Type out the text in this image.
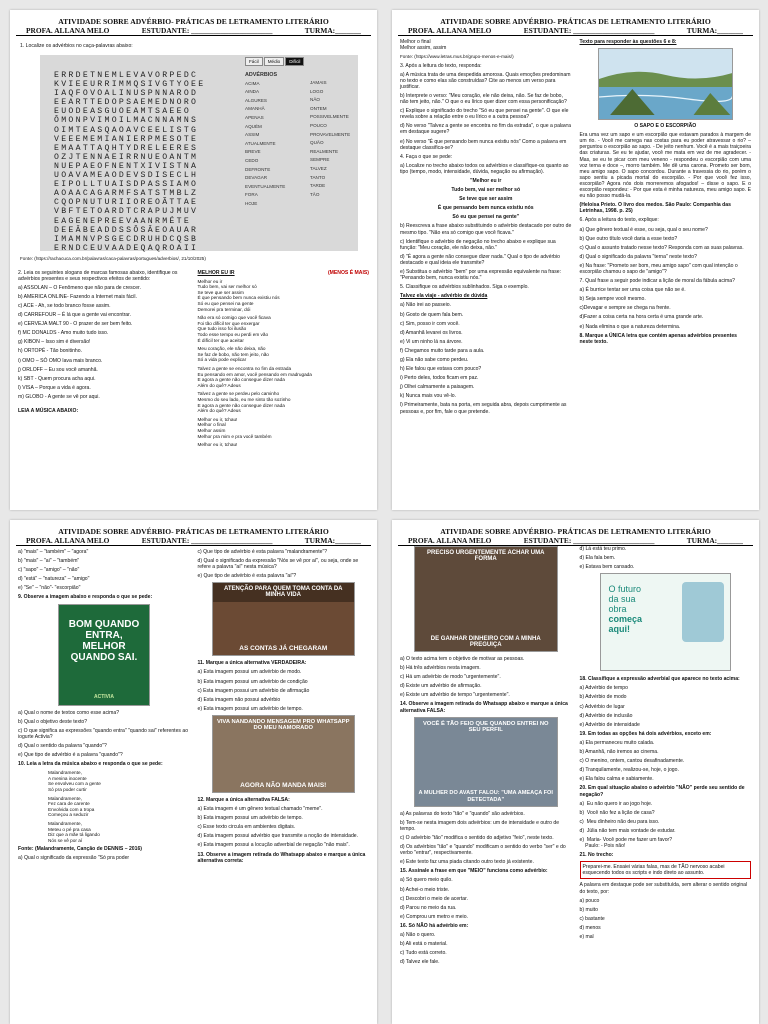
ATIVIDADE SOBRE ADVÉRBIO- PRÁTICAS DE LETRAMENTO LITERÁRIO
PROFA. ALLANA MELO	ESTUDANTE: ______________________	TURMA:_______

1. Localize os advérbios no caça-palavras abaixo:

Fácil	Médio	Difícil
ERRDETNEMLEVAVORPEDC
KVIEEURRIMMQSIVGTYOEE
IAQFOVOALINUSPNNAROD
EEARTTEDOPSAEMEDNORO
EUODEASGUOEAMTSAEEO
ÔMONPVIMOILMACNNAMNS
OIMTEASQAOAVCEELISTG
VEEEMEMIANIERPMESOTE
EMAATTAQHTYDRELEERES
OZJTENNAEIRRNUEOANTM
NUEPAEOFNENTXIVISTNA
UOAVAMEAODEVSDISECLH
EIPOLLTUAISDPASSIAMO
AOAACAGARMFSATSTMBLZ
CQOPNUTURIIOREOÃTTAE
VBFTETOARDTCRAPUJMUV
EAGENEPREEVAANRMÉTE
DEEÂBEADDSSÔSÂEOAUAR
IMAMNVPSGECDRUHDCQSB
ERNDCEUVAADEQAQROAII
ADVÉRBIOS

ACIMA

AINDA

ALGURES

AMANHÃ

APENAS

AQUÉM

ASSIM

ATUALMENTE

BREVE

CEDO

DEFRONTE

DEVAGAR

EVENTUALMENTE

FORA

HOJE

JAMAIS

LOGO

NÃO

ONTEM

POSSIVELMENTE

POUCO

PROVAVELMENTE

QUÃO

REALMENTE

SEMPRE

TALVEZ

TANTO

TARDE

TÃO

Fonte: (https://rachacuca.com.br/palavras/caca-palavras/portugues/adverbios/, 21/10/2025)

2. Leia os seguintes slogans de marcas famosas abaixo, identifique os advérbios presentes e seus respectivos efeitos de sentido:

a) ASSOLAN – O Fenômeno que não para de crescer.

b) AMERICA ONLINE- Fazendo a Internet mais fácil.

c) ACE - Ah, se todo branco fosse assim.

d) CARREFOUR – É lá que a gente vai encontrar.

e) CERVEJA MALT 90 - O prazer de ser bem feito.

f) MC DONALDS - Amo muito tudo isso.

g) KIBON – Isso sim é diversão!

h) ORTOPÉ - Tão bonitinho.

i) OMO – SÓ OMO lava mais branco.

j) ORLOFF – Eu sou você amanhã.

k) SBT - Quem procura acha aqui.

l) VISA – Porque a vida é agora.

m) GLOBO - A gente se vê por aqui.

LEIA A MÚSICA ABAIXO:

MELHOR EU IR	(MENOS É MAIS)

Melhor eu ir
Tudo bem, vai ser melhor só
Se teve que ser assim
É que pensando bem nunca existiu nós
Só eu que pensei na gente
Demorei pra terminar, dói

Não era só comigo que você ficava
Foi tão difícil ter que enxergar
Que tudo isso foi ilusão
Todo esse tempo eu perdi em vão
É difícil ter que aceitar

Meu coração, ele não deixa, não
Se faz de bobo, não tem jeito, não
Só a vida pode explicar

Talvez a gente se encontra no fim da estrada
Eu pensando em amor, você pensando em madrugada
E agora a gente não consegue dizer nada
Além do quê? Adeus

Talvez a gente se perdeu pelo caminho
Mesmo do seu lado, eu me sinto tão sozinho
E agora a gente não consegue dizer nada
Além do quê? Adeus

Melhor eu ir, tchau!
Melhor o final
Melhor assim
Melhor pra mim e pra você também

Melhor eu ir, tchau!

ATIVIDADE SOBRE ADVÉRBIO- PRÁTICAS DE LETRAMENTO LITERÁRIO
PROFA. ALLANA MELO	ESTUDANTE: ______________________	TURMA:_______

Melhor o final

Melhor assim, assim

Fonte: (https://www.letras.mus.br/grupo-menos-e-mais/)

3. Após a leitura do texto, responda:

a) A música trata de uma despedida amorosa. Quais emoções predominam no texto e como elas são construídas? Cite ao menos um verso para justificar.

b) Interprete o verso: "Meu coração, ele não deixa, não. Se faz de bobo, não tem jeito, não." O que o eu lírico quer dizer com essa personificação?

c) Explique o significado do trecho "Só eu que pensei na gente". O que ele revela sobre a relação entre o eu lírico e a outra pessoa?

d) No verso "Talvez a gente se encontra no fim da estrada", o que a palavra em destaque sugere?

e) No verso "É que pensando bem nunca existiu nós" Como a palavra em destaque classifica-se?

4. Faça o que se pede:

a) Localize no trecho abaixo todos os advérbios e classifique-os quanto ao tipo (tempo, modo, intensidade, dúvida, negação ou afirmação).

"Melhor eu ir

Tudo bem, vai ser melhor só

Se teve que ser assim

É que pensando bem nunca existiu nós

Só eu que pensei na gente"

b) Reescreva a frase abaixo substituindo o advérbio destacado por outro de mesmo tipo. "Não era só comigo que você ficava."

c) Identifique o advérbio de negação no trecho abaixo e explique sua função: "Meu coração, ele não deixa, não."

d) "É agora a gente não consegue dizer nada." Qual o tipo de advérbio destacado e qual ideia ele transmite?

e) Substitua o advérbio "bem" por uma expressão equivalente na frase: "Pensando bem, nunca existiu nós."

5. Classifique os advérbios sublinhados. Siga o exemplo.

Talvez ela viaje - advérbio de dúvida

a) Não irei ao passeio.

b) Gosto de quem fala bem.

c) Sim, posso ir com você.

d) Amanhã levarei os livros.

e) Vi um ninho lá na árvore.

f) Chegamos muito tarde para a aula.

g) Ela não sabe como perdeu.

h) Ele falou que estava com pouco?

i) Perto deles, todos ficam em paz.

j) Olhei calmamente a paisagem.

k) Nunca mais vou vê-lo.

l) Primeiramente, bata na porta, em seguida abra, depois cumprimente as pessoas e, por fim, fale o que pretende.

Texto para responder às questões 6 e 8:

O SAPO E O ESCORPIÃO

Era uma vez um sapo e um escorpião que estavam parados à margem de um rio. - Você me carrega nas costas para eu poder atravessar o rio? – perguntou o escorpião ao sapo. - De jeito nenhum. Você é a mais traiçoeira das criaturas. Se eu te ajudar, você me mata em vez de me agradecer. - Mas, se eu te picar com meu veneno - respondeu o escorpião com uma voz terna e doce –, morro também. Me dê uma carona. Prometo ser bom, meu amigo sapo. O sapo concordou. Durante a travessia do rio, porém o sapo sentiu a picada mortal do escorpião. - Por que você fez isso, escorpião? Agora nós dois morreremos afogados! – disse o sapo. E o escorpião respondeu: - Por que esta é minha natureza, meu amigo sapo. E eu não posso mudá-la.

(Heloisa Prieto. O livro dos medos. São Paulo: Companhia das Letrinhas, 1998. p. 25)

6. Após a leitura do texto, explique:

a) Que gênero textual é esse, ou seja, qual o seu nome?

b) Que outro título você daria a esse texto?

c) Qual o assunto tratado nesse texto? Responda com as suas palavras.

d) Qual o significado da palavra "terna" neste texto?

e) Na frase: "Prometo ser bom, meu amigo sapo" com qual intenção o escorpião chamou o sapo de "amigo"?

7. Qual frase a seguir pode indicar a lição de moral da fábula acima?

a) É burrice tentar ser uma coisa que não se é.

b) Seja sempre você mesmo.

c)Devagar e sempre se chega na frente.

d)Fazer a coisa certa na hora certa é uma grande arte.

e) Nada elimina o que a natureza determina.

8. Marque a ÚNICA letra que contém apenas advérbios presentes neste texto.

ATIVIDADE SOBRE ADVÉRBIO- PRÁTICAS DE LETRAMENTO LITERÁRIO
PROFA. ALLANA MELO	ESTUDANTE: ______________________	TURMA:_______

a) "mais" – "também" – "agora"

b) "mais" – "ai" – "também"

c) "sapo" – "amigo" – "não"

d) "está" – "natureza" – "amigo"

e) "Se" – "não"- "escorpião"

9. Observe a imagem abaixo e responda o que se pede:

BOM QUANDO ENTRA, MELHOR QUANDO SAI.
ACTIVIA

a) Qual o nome de textos como esse acima?

b) Qual o objetivo deste texto?

c) O que significa as expressões "quando entra" "quando sai" referentes ao iogurte Activia?

d) Qual o sentido da palavra "quando"?

e) Que tipo de advérbio é a palavra "quando"?

10. Leia a letra da música abaixo e responda o que se pede:

Malandramente,
A menina inocente
Se envolveu com a gente
Só pra poder curtir

Malandramente,
Fez cara de carente
Envolvida com a tropa
Começou a seduzir

Malandramente,
Meteu o pé pra casa
Diz que a mãe tá ligando
Nós se vê por aí

Fonte: (Malandramente, Canção de DENNIS – 2016)

a) Qual o significado da expressão "Só pra poder

c) Que tipo de advérbio é esta palavra "malandramente"?

d) Qual o significado da expressão "Nós se vê por aí", ou seja, onde se refere a palavra "aí" nesta música?

e) Que tipo de advérbio é esta palavra "aí"?

ATENÇÃO PARA QUEM TOMA CONTA DA MINHA VIDA
AS CONTAS JÁ CHEGARAM

11. Marque a única alternativa VERDADEIRA:

a) Esta imagem possui um advérbio de modo.

b) Esta imagem possui um advérbio de condição

c) Esta imagem possui um advérbio de afirmação

d) Esta imagem não possui advérbio

e) Esta imagem possui um advérbio de tempo.

VIVA NANDANDO MENSAGEM PRO WHATSAPP DO MEU NAMORADO
AGORA NÃO MANDA MAIS!

12. Marque a única alternativa FALSA:

a) Esta imagem é um gênero textual chamado "meme".

b) Esta imagem possui um advérbio de tempo.

c) Esse texto circula em ambientes digitais.

d) Esta imagem possui advérbio que transmite a noção de intensidade.

e) Esta imagem possui a locução adverbial de negação "não mais".

13. Observe a imagem retirada do Whatsapp abaixo e marque a única alternativa correta:

ATIVIDADE SOBRE ADVÉRBIO- PRÁTICAS DE LETRAMENTO LITERÁRIO
PROFA. ALLANA MELO	ESTUDANTE: ______________________	TURMA:_______
PRECISO URGENTEMENTE ACHAR UMA FORMA
DE GANHAR DINHEIRO COM A MINHA PREGUIÇA

a) O texto acima tem o objetivo de motivar as pessoas.

b) Há três advérbios nesta imagem.

c) Há um advérbio de modo "urgentemente".

d) Existe um advérbio de afirmação.

e) Existe um advérbio de tempo "urgentemente".

14. Observe a imagem retirada do Whatsapp abaixo e marque a única alternativa FALSA:

VOCÊ É TÃO FEIO QUE QUANDO ENTREI NO SEU PERFIL
A MULHER DO AVAST FALOU: "UMA AMEAÇA FOI DETECTADA"

a) As palavras do texto "tão" e "quando" são advérbios.

b) Tem-se nesta imagem dois advérbios: um de intensidade e outro de tempo.

c) O advérbio "tão" modifica o sentido do adjetivo "feio", neste texto.

d) Os advérbios "tão" e "quando" modificam o sentido do verbo "ser" e do verbo "entrar", respectivamente.

e) Este texto faz uma piada citando outro texto já existente.

15. Assinale a frase em que "MEIO" funciona como advérbio:

a) Só quero meio quilo.

b) Achei-o meio triste.

c) Descobri o meio de acertar.

d) Parou no meio da rua.

e) Comprou um metro e meio.

16. Só NÃO há advérbio em:

a) Não o quero.

b) Ali está o material.

c) Tudo está correto.

d) Talvez ele fale.

d) Lá está teu primo.

d) Ela fala bem.

e) Estava bem cansado.

O futuro
da sua
obra
começa
aqui!

18. Classifique a expressão adverbial que aparece no texto acima:

a) Advérbio de tempo

b) Advérbio de modo

c) Advérbio de lugar

d) Advérbio de inclusão

e) Advérbio de intensidade

19. Em todas as opções há dois advérbios, exceto em:

a) Ela permaneceu muito calada.

b) Amanhã, não iremos ao cinema.

c) O menino, ontem, cantou desafinadamente.

d) Tranquilamente, realizou-se, hoje, o jogo.

e) Ela falou calma e sabiamente.

20. Em qual situação abaixo o advérbio "NÃO" perde seu sentido de negação?

a)  Eu não quero ir ao jogo hoje.

b)  Você não fez a lição de casa?

c)  Meu dinheiro não deu para isso.

d)  Júlia não tem mais vontade de estudar.

e)  Maria- Você pode me fazer um favor?
Paulo: - Pois não!

21. No trecho:

Preparei-me. Ensaiei várias falas, mas de TÃO nervoso acabei esquecendo todos os scripts e indo direto ao assunto.

A palavra em destaque pode ser substituída, sem alterar o sentido original do texto, por:

a) pouco

b) muito

c) bastante

d) menos

e) mal
